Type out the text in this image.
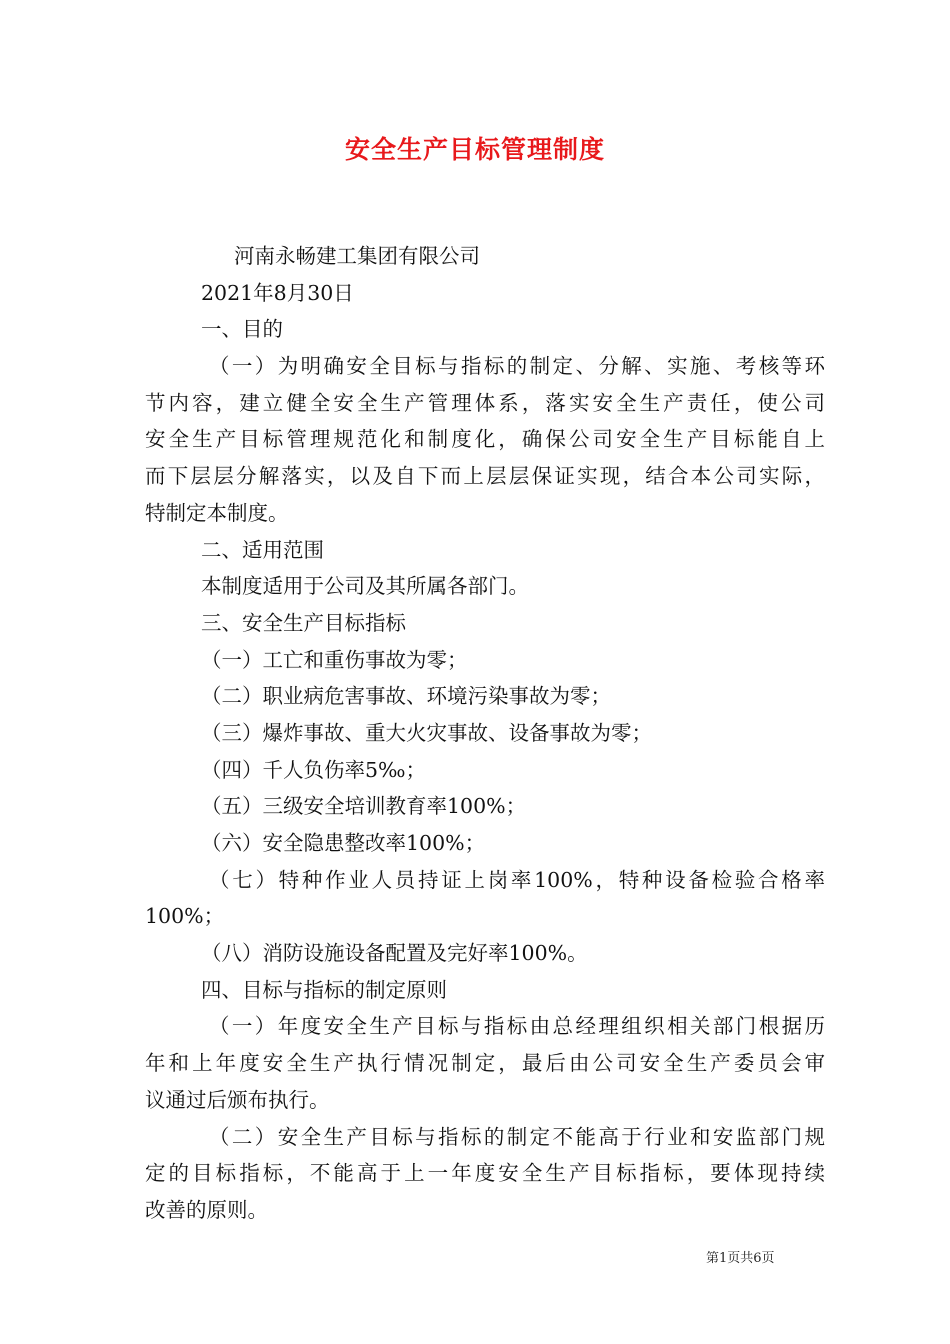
安全生产目标管理制度
河南永畅建工集团有限公司
2021年8月30日
一、目的
（一）为明确安全目标与指标的制定、分解、实施、考核等环
节内容，建立健全安全生产管理体系，落实安全生产责任，使公司
安全生产目标管理规范化和制度化，确保公司安全生产目标能自上
而下层层分解落实，以及自下而上层层保证实现，结合本公司实际，
特制定本制度。
二、适用范围
本制度适用于公司及其所属各部门。
三、安全生产目标指标
（一）工亡和重伤事故为零；
（二）职业病危害事故、环境污染事故为零；
（三）爆炸事故、重大火灾事故、设备事故为零；
（四）千人负伤率5‰；
（五）三级安全培训教育率100%；
（六）安全隐患整改率100%；
（七）特种作业人员持证上岗率100%，特种设备检验合格率
100%；
（八）消防设施设备配置及完好率100%。
四、目标与指标的制定原则
（一）年度安全生产目标与指标由总经理组织相关部门根据历
年和上年度安全生产执行情况制定，最后由公司安全生产委员会审
议通过后颁布执行。
（二）安全生产目标与指标的制定不能高于行业和安监部门规
定的目标指标，不能高于上一年度安全生产目标指标，要体现持续
改善的原则。
第1页共6页
